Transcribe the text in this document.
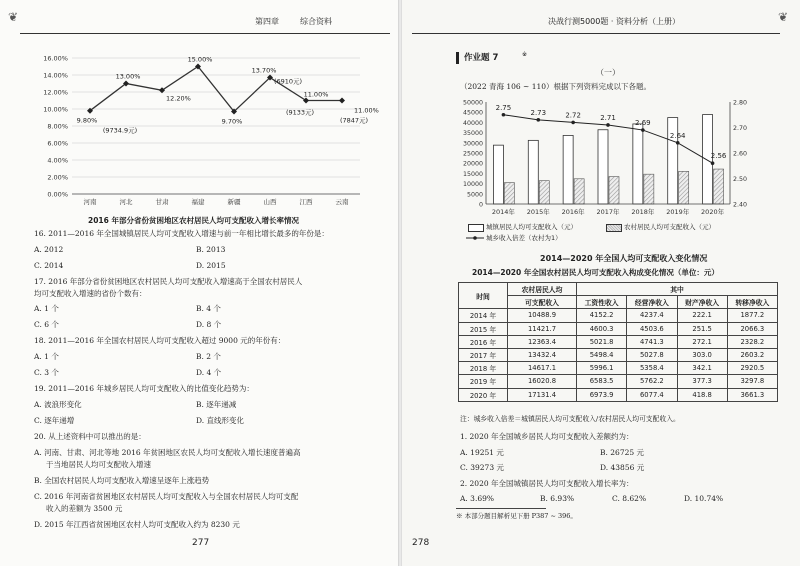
❦	❦
第四章	综合资料
0.00%
2.00%
4.00%
6.00%
8.00%
10.00%
12.00%
14.00%
16.00%
河南	河北	甘肃	福建	新疆	山西	江西	云南
9.80%
13.00%
12.20%
15.00%
9.70%
13.70%
11.00%
11.00%
(9734.9元)
(6910元)
(9133元)
(7847元)
2016 年部分省份贫困地区农村居民人均可支配收入增长率情况
16. 2011—2016 年全国城镇居民人均可支配收入增速与前一年相比增长最多的年份是：
A. 2012	B. 2013
C. 2014	D. 2015
17. 2016 年部分省份贫困地区农村居民人均可支配收入增速高于全国农村居民人
均可支配收入增速的省份个数有：
A. 1 个	B. 4 个
C. 6 个	D. 8 个
18. 2011—2016 年全国农村居民人均可支配收入超过 9000 元的年份有：
A. 1 个	B. 2 个
C. 3 个	D. 4 个
19. 2011—2016 年城乡居民人均可支配收入的比值变化趋势为：
A. 波浪形变化	B. 逐年递减
C. 逐年递增	D. 直线形变化
20. 从上述资料中可以推出的是：
A. 河南、甘肃、河北等地 2016 年贫困地区农民人均可支配收入增长速度普遍高
于当地居民人均可支配收入增速
B. 全国农村居民人均可支配收入增速呈逐年上涨趋势
C. 2016 年河南省贫困地区农村居民人均可支配收入与全国农村居民人均可支配
收入的差额为 3500 元
D. 2015 年江西省贫困地区农村人均可支配收入约为 8230 元
277
决战行测5000题 · 资料分析（上册）
作业题 7	※
（一）
（2022 青海 106 ~ 110）根据下列资料完成以下各题。
0
5000
10000
15000
20000
25000
30000
35000
40000
45000
50000
2.40
2.50
2.60
2.70
2.80
2.75
2.73	2.72	2.71
2.69
2.64
2.56
2014年 2015年 2016年 2017年 2018年 2019年 2020年
城镇居民人均可支配收入（元）	农村居民人均可支配收入（元）
城乡收入倍差（农村为1）
2014—2020 年全国人均可支配收入变化情况
2014—2020 年全国农村居民人均可支配收入构成变化情况（单位：元）
时间	农村居民人均	其中			
	可支配收入	工资性收入	经营净收入	财产净收入	转移净收入
2014 年	10488.9	4152.2	4237.4	222.1	1877.2
2015 年	11421.7	4600.3	4503.6	251.5	2066.3
2016 年	12363.4	5021.8	4741.3	272.1	2328.2
2017 年	13432.4	5498.4	5027.8	303.0	2603.2
2018 年	14617.1	5996.1	5358.4	342.1	2920.5
2019 年	16020.8	6583.5	5762.2	377.3	3297.8
2020 年	17131.4	6973.9	6077.4	418.8	3661.3
注：城乡收入倍差＝城镇居民人均可支配收入/农村居民人均可支配收入。
1. 2020 年全国城乡居民人均可支配收入差额约为：
A. 19251 元	B. 26725 元
C. 39273 元	D. 43856 元
2. 2020 年全国城镇居民人均可支配收入增长率为：
A. 3.69%	B. 6.93%	C. 8.62%	D. 10.74%
※ 本部分题目解析见下册 P387 ~ 396。
278
